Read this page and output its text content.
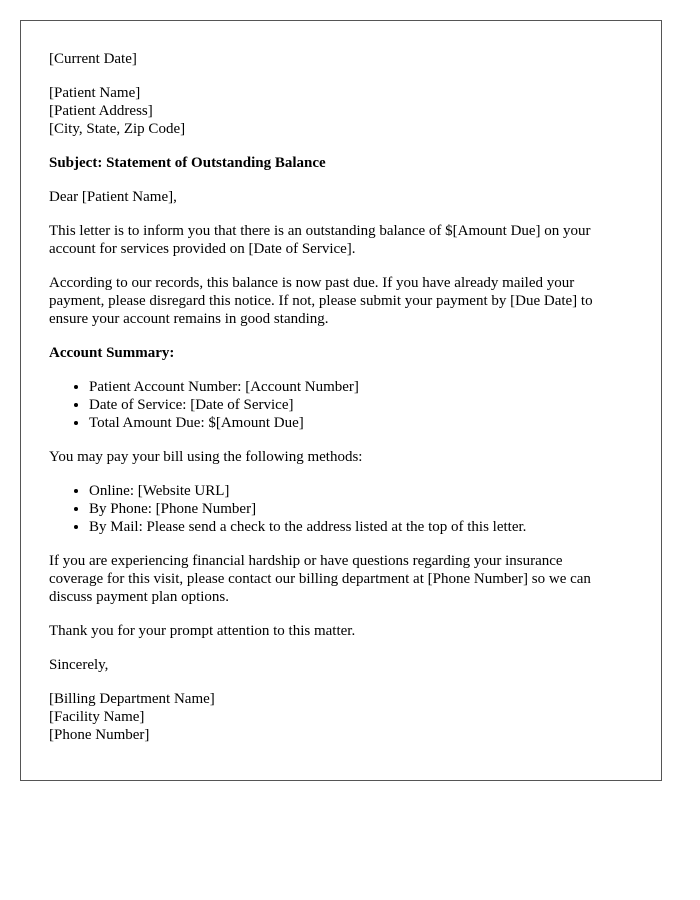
[Current Date]

[Patient Name]
[Patient Address]
[City, State, Zip Code]

Subject: Statement of Outstanding Balance

Dear [Patient Name],

This letter is to inform you that there is an outstanding balance of $[Amount Due] on your
account for services provided on [Date of Service].
According to our records, this balance is now past due. If you have already mailed your
payment, please disregard this notice. If not, please submit your payment by [Due Date] to
ensure your account remains in good standing.

Account Summary:

• Patient Account Number: [Account Number]
• Date of Service: [Date of Service]
• Total Amount Due: $[Amount Due]

You may pay your bill using the following methods:

• Online: [Website URL]
• By Phone: [Phone Number]
• By Mail: Please send a check to the address listed at the top of this letter.
If you are experiencing financial hardship or have questions regarding your insurance
coverage for this visit, please contact our billing department at [Phone Number] so we can
discuss payment plan options.

Thank you for your prompt attention to this matter.

Sincerely,

[Billing Department Name]
[Facility Name]
[Phone Number]
